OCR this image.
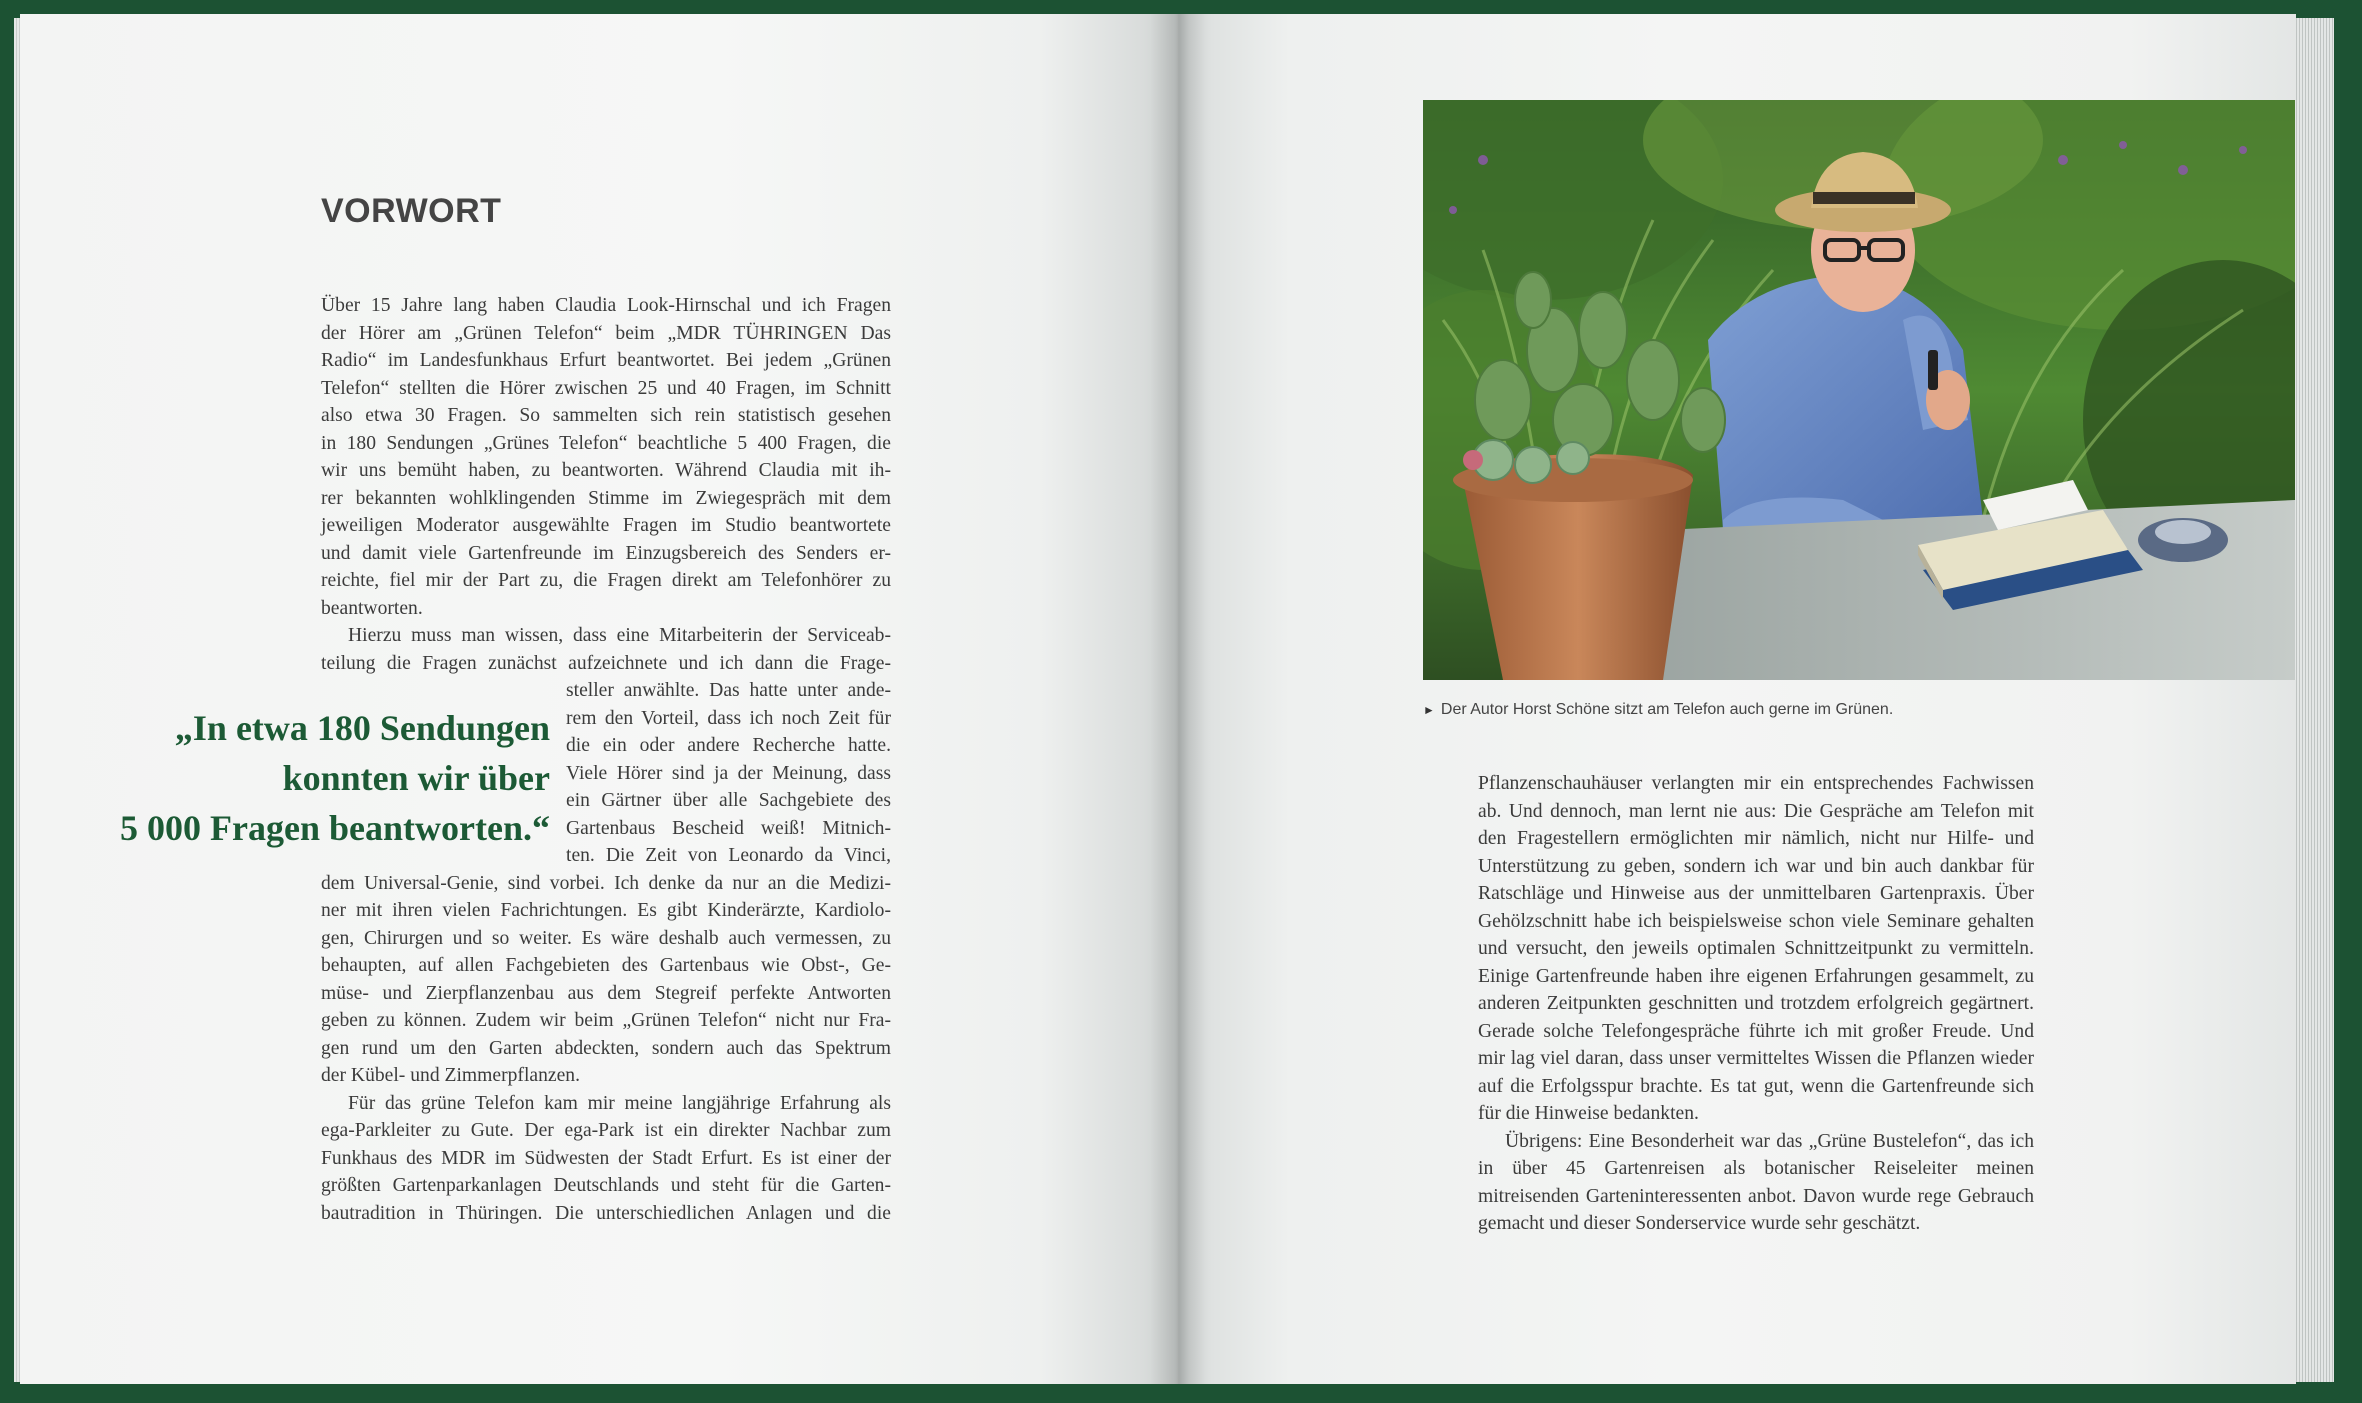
VORWORT

Über 15 Jahre lang haben Claudia Look-Hirnschal und ich Fragen
der Hörer am „Grünen Telefon“ beim „MDR TÜHRINGEN Das
Radio“ im Landesfunkhaus Erfurt beantwortet. Bei jedem „Grünen
Telefon“ stellten die Hörer zwischen 25 und 40 Fragen, im Schnitt
also etwa 30 Fragen. So sammelten sich rein statistisch gesehen
in 180 Sendungen „Grünes Telefon“ beachtliche 5 400 Fragen, die
wir uns bemüht haben, zu beantworten. Während Claudia mit ih-
rer bekannten wohlklingenden Stimme im Zwiegespräch mit dem
jeweiligen Moderator ausgewählte Fragen im Studio beantwortete
und damit viele Gartenfreunde im Einzugsbereich des Senders er-
reichte, fiel mir der Part zu, die Fragen direkt am Telefonhörer zu
beantworten.

Hierzu muss man wissen, dass eine Mitarbeiterin der Serviceab-
teilung die Fragen zunächst aufzeichnete und ich dann die Frage-
steller anwählte. Das hatte unter ande-
rem den Vorteil, dass ich noch Zeit für
die ein oder andere Recherche hatte.
Viele Hörer sind ja der Meinung, dass
ein Gärtner über alle Sachgebiete des
Gartenbaus Bescheid weiß! Mitnich-
ten. Die Zeit von Leonardo da Vinci,
dem Universal-Genie, sind vorbei. Ich denke da nur an die Medizi-
ner mit ihren vielen Fachrichtungen. Es gibt Kinderärzte, Kardiolo-
gen, Chirurgen und so weiter. Es wäre deshalb auch vermessen, zu
behaupten, auf allen Fachgebieten des Gartenbaus wie Obst-, Ge-
müse- und Zierpflanzenbau aus dem Stegreif perfekte Antworten
geben zu können. Zudem wir beim „Grünen Telefon“ nicht nur Fra-
gen rund um den Garten abdeckten, sondern auch das Spektrum
der Kübel- und Zimmerpflanzen.

Für das grüne Telefon kam mir meine langjährige Erfahrung als
ega-Parkleiter zu Gute. Der ega-Park ist ein direkter Nachbar zum
Funkhaus des MDR im Südwesten der Stadt Erfurt. Es ist einer der
größten Gartenparkanlagen Deutschlands und steht für die Garten-
bautradition in Thüringen. Die unterschiedlichen Anlagen und die

„In etwa 180 Sendungen
konnten wir über
5 000 Fragen beantworten.“
► Der Autor Horst Schöne sitzt am Telefon auch gerne im Grünen.

Pflanzenschauhäuser verlangten mir ein entsprechendes Fachwissen ab. Und dennoch, man lernt nie aus: Die Gespräche am Telefon mit den Fragestellern ermöglichten mir nämlich, nicht nur Hilfe- und Unterstützung zu geben, sondern ich war und bin auch dankbar für Ratschläge und Hinweise aus der unmittelbaren Gartenpraxis. Über Gehölzschnitt habe ich beispielsweise schon viele Seminare gehalten und versucht, den jeweils optimalen Schnittzeitpunkt zu vermitteln. Einige Gartenfreunde haben ihre eigenen Erfahrungen gesammelt, zu anderen Zeitpunkten geschnitten und trotzdem erfolgreich gegärtnert. Gerade solche Telefongespräche führte ich mit großer Freude. Und mir lag viel daran, dass unser vermitteltes Wissen die Pflanzen wieder auf die Erfolgsspur brachte. Es tat gut, wenn die Gartenfreunde sich für die Hinweise bedankten.

Übrigens: Eine Besonderheit war das „Grüne Bustelefon“, das ich in über 45 Gartenreisen als botanischer Reiseleiter meinen mitreisenden Garteninteressenten anbot. Davon wurde rege Gebrauch gemacht und dieser Sonderservice wurde sehr geschätzt.
